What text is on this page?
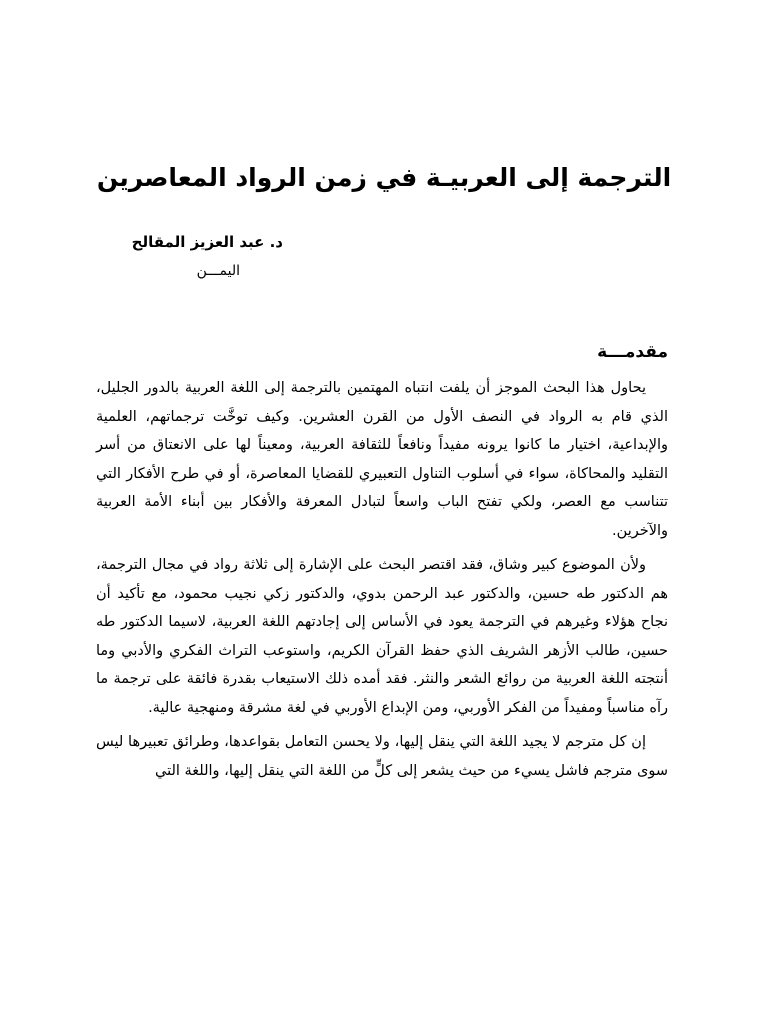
الترجمة إلى العربيـة في زمن الرواد المعاصرين
د. عبد العزيز المقالح
اليمـــن
مقدمـــة

يحاول هذا البحث الموجز أن يلفت انتباه المهتمين بالترجمة إلى اللغة العربية بالدور الجليل، الذي قام به الرواد في النصف الأول من القرن العشرين. وكيف توخَّت ترجماتهم، العلمية والإبداعية، اختيار ما كانوا يرونه مفيداً ونافعاً للثقافة العربية، ومعيناً لها على الانعتاق من أسر التقليد والمحاكاة، سواء في أسلوب التناول التعبيري للقضايا المعاصرة، أو في طرح الأفكار التي تتناسب مع العصر، ولكي تفتح الباب واسعاً لتبادل المعرفة والأفكار بين أبناء الأمة العربية والآخرين.

ولأن الموضوع كبير وشاق، فقد اقتصر البحث على الإشارة إلى ثلاثة رواد في مجال الترجمة، هم الدكتور طه حسين، والدكتور عبد الرحمن بدوي، والدكتور زكي نجيب محمود، مع تأكيد أن نجاح هؤلاء وغيرهم في الترجمة يعود في الأساس إلى إجادتهم اللغة العربية، لاسيما الدكتور طه حسين، طالب الأزهر الشريف الذي حفظ القرآن الكريم، واستوعب التراث الفكري والأدبي وما أنتجته اللغة العربية من روائع الشعر والنثر. فقد أمده ذلك الاستيعاب بقدرة فائقة على ترجمة ما رآه مناسباً ومفيداً من الفكر الأوربي، ومن الإبداع الأوربي في لغة مشرقة ومنهجية عالية.

إن كل مترجم لا يجيد اللغة التي ينقل إليها، ولا يحسن التعامل بقواعدها، وطرائق تعبيرها ليس سوى مترجم فاشل يسيء من حيث يشعر إلى كلٍّ من اللغة التي ينقل إليها، واللغة التي
